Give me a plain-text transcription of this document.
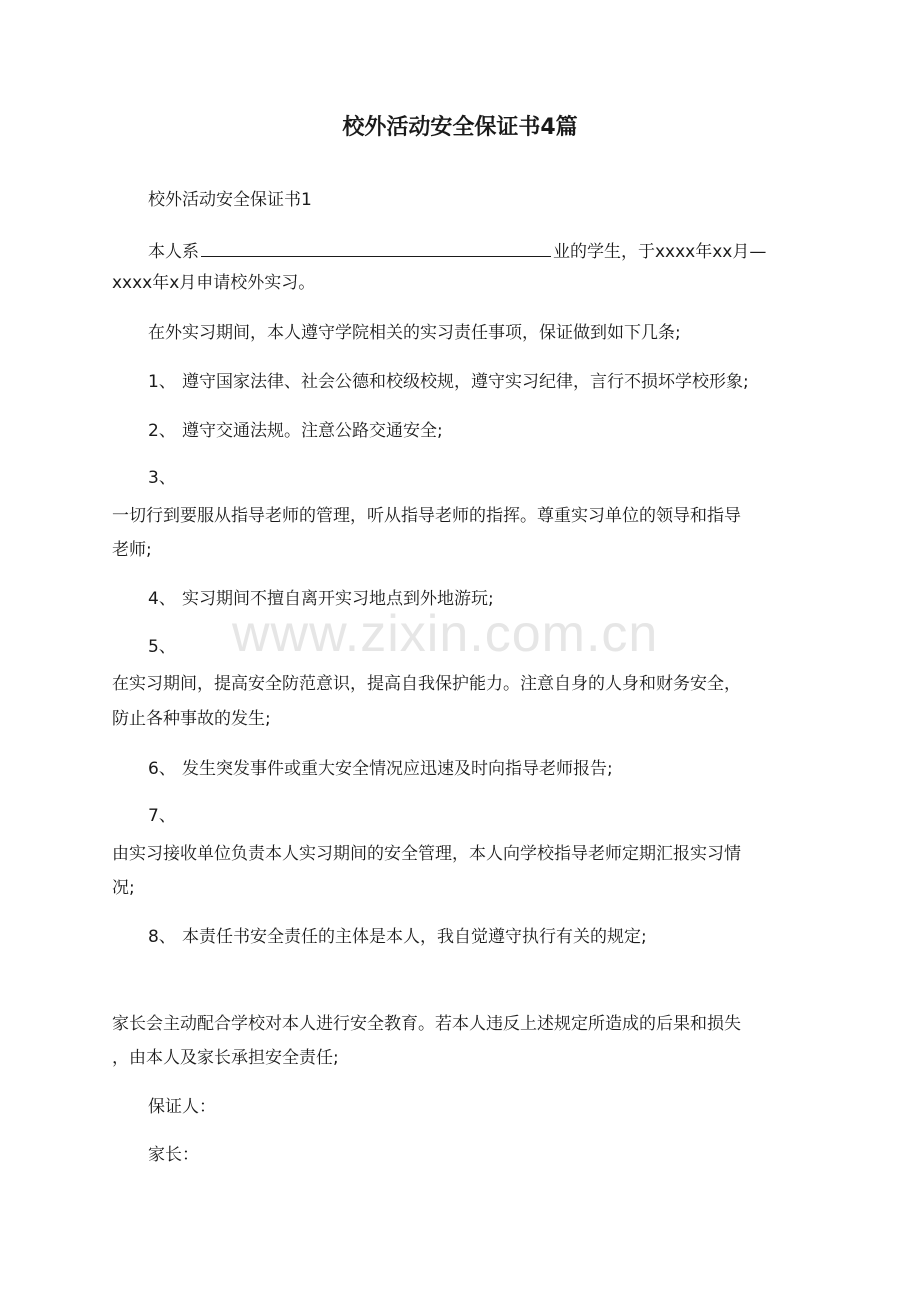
校外活动安全保证书4篇
校外活动安全保证书1
本人系	业的学生，于xxxx年xx月—
xxxx年x月申请校外实习。
在外实习期间，本人遵守学院相关的实习责任事项，保证做到如下几条;
1、 遵守国家法律、社会公德和校级校规，遵守实习纪律，言行不损坏学校形象;
2、 遵守交通法规。注意公路交通安全;
3、
一切行到要服从指导老师的管理，听从指导老师的指挥。尊重实习单位的领导和指导
老师;
4、 实习期间不擅自离开实习地点到外地游玩;
5、
在实习期间，提高安全防范意识，提高自我保护能力。注意自身的人身和财务安全，
防止各种事故的发生;
6、 发生突发事件或重大安全情况应迅速及时向指导老师报告;
7、
由实习接收单位负责本人实习期间的安全管理，本人向学校指导老师定期汇报实习情
况;
8、 本责任书安全责任的主体是本人，我自觉遵守执行有关的规定;
家长会主动配合学校对本人进行安全教育。若本人违反上述规定所造成的后果和损失
，由本人及家长承担安全责任;
保证人：
家长：
www.zixin.com.cn
